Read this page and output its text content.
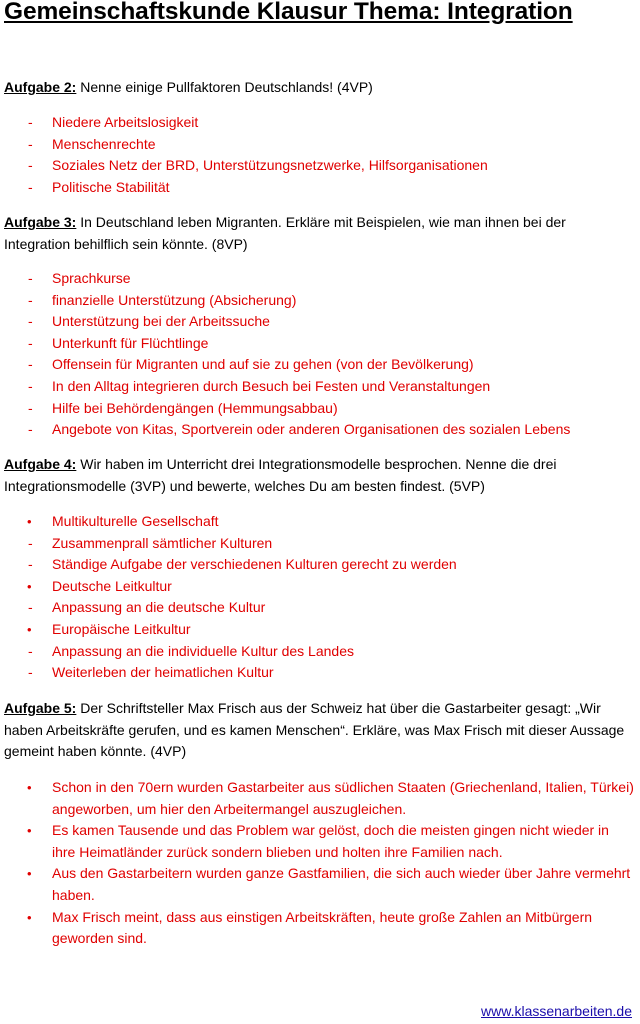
Gemeinschaftskunde Klausur Thema: Integration
Aufgabe 2: Nenne einige Pullfaktoren Deutschlands! (4VP)
- Niedere Arbeitslosigkeit
- Menschenrechte
- Soziales Netz der BRD, Unterstützungsnetzwerke, Hilfsorganisationen
- Politische Stabilität
Aufgabe 3: In Deutschland leben Migranten. Erkläre mit Beispielen, wie man ihnen bei der
Integration behilflich sein könnte. (8VP)
- Sprachkurse
- finanzielle Unterstützung (Absicherung)
- Unterstützung bei der Arbeitssuche
- Unterkunft für Flüchtlinge
- Offensein für Migranten und auf sie zu gehen (von der Bevölkerung)
- In den Alltag integrieren durch Besuch bei Festen und Veranstaltungen
- Hilfe bei Behördengängen (Hemmungsabbau)
- Angebote von Kitas, Sportverein oder anderen Organisationen des sozialen Lebens
Aufgabe 4: Wir haben im Unterricht drei Integrationsmodelle besprochen. Nenne die drei
Integrationsmodelle (3VP) und bewerte, welches Du am besten findest. (5VP)
• Multikulturelle Gesellschaft
- Zusammenprall sämtlicher Kulturen
- Ständige Aufgabe der verschiedenen Kulturen gerecht zu werden
• Deutsche Leitkultur
- Anpassung an die deutsche Kultur
• Europäische Leitkultur
- Anpassung an die individuelle Kultur des Landes
- Weiterleben der heimatlichen Kultur
Aufgabe 5: Der Schriftsteller Max Frisch aus der Schweiz hat über die Gastarbeiter gesagt: „Wir
haben Arbeitskräfte gerufen, und es kamen Menschen“. Erkläre, was Max Frisch mit dieser Aussage
gemeint haben könnte. (4VP)
• Schon in den 70ern wurden Gastarbeiter aus südlichen Staaten (Griechenland, Italien, Türkei)
angeworben, um hier den Arbeitermangel auszugleichen.
• Es kamen Tausende und das Problem war gelöst, doch die meisten gingen nicht wieder in
ihre Heimatländer zurück sondern blieben und holten ihre Familien nach.
• Aus den Gastarbeitern wurden ganze Gastfamilien, die sich auch wieder über Jahre vermehrt
haben.
• Max Frisch meint, dass aus einstigen Arbeitskräften, heute große Zahlen an Mitbürgern
geworden sind.
www.klassenarbeiten.de
